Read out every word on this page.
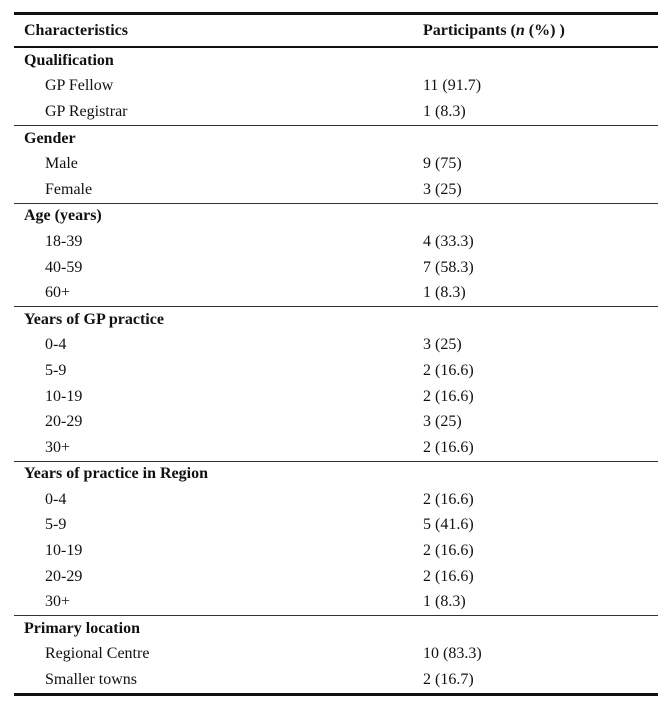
Characteristics	Participants (n (%) )
Qualification	
GP Fellow	11 (91.7)
GP Registrar	1 (8.3)
Gender	
Male	9 (75)
Female	3 (25)
Age (years)	
18-39	4 (33.3)
40-59	7 (58.3)
60+	1 (8.3)
Years of GP practice	
0-4	3 (25)
5-9	2 (16.6)
10-19	2 (16.6)
20-29	3 (25)
30+	2 (16.6)
Years of practice in Region	
0-4	2 (16.6)
5-9	5 (41.6)
10-19	2 (16.6)
20-29	2 (16.6)
30+	1 (8.3)
Primary location	
Regional Centre	10 (83.3)
Smaller towns	2 (16.7)
